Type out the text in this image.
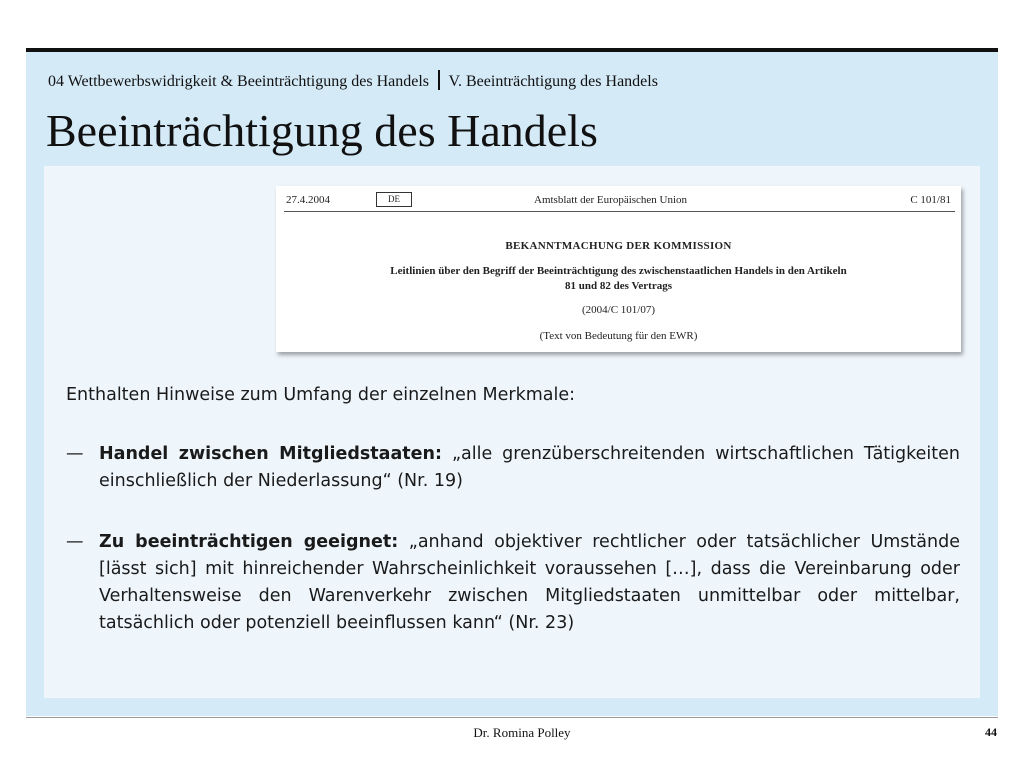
04 Wettbewerbswidrigkeit & Beeinträchtigung des Handels V. Beeinträchtigung des Handels
Beeinträchtigung des Handels
27.4.2004	DE	Amtsblatt der Europäischen Union	C 101/81
BEKANNTMACHUNG DER KOMMISSION
Leitlinien über den Begriff der Beeinträchtigung des zwischenstaatlichen Handels in den Artikeln
81 und 82 des Vertrags
(2004/C 101/07)
(Text von Bedeutung für den EWR)
Enthalten Hinweise zum Umfang der einzelnen Merkmale:
— Handel zwischen Mitgliedstaaten: „alle grenzüberschreitenden wirtschaftlichen Tätigkeiten einschließlich der Niederlassung“ (Nr. 19)
— Zu beeinträchtigen geeignet: „anhand objektiver rechtlicher oder tatsächlicher Umstände [lässt sich] mit hinreichender Wahrscheinlichkeit voraussehen […], dass die Vereinbarung oder Verhaltensweise den Warenverkehr zwischen Mitgliedstaaten unmittelbar oder mittelbar, tatsächlich oder potenziell beeinflussen kann“ (Nr. 23)
Dr. Romina Polley	44
